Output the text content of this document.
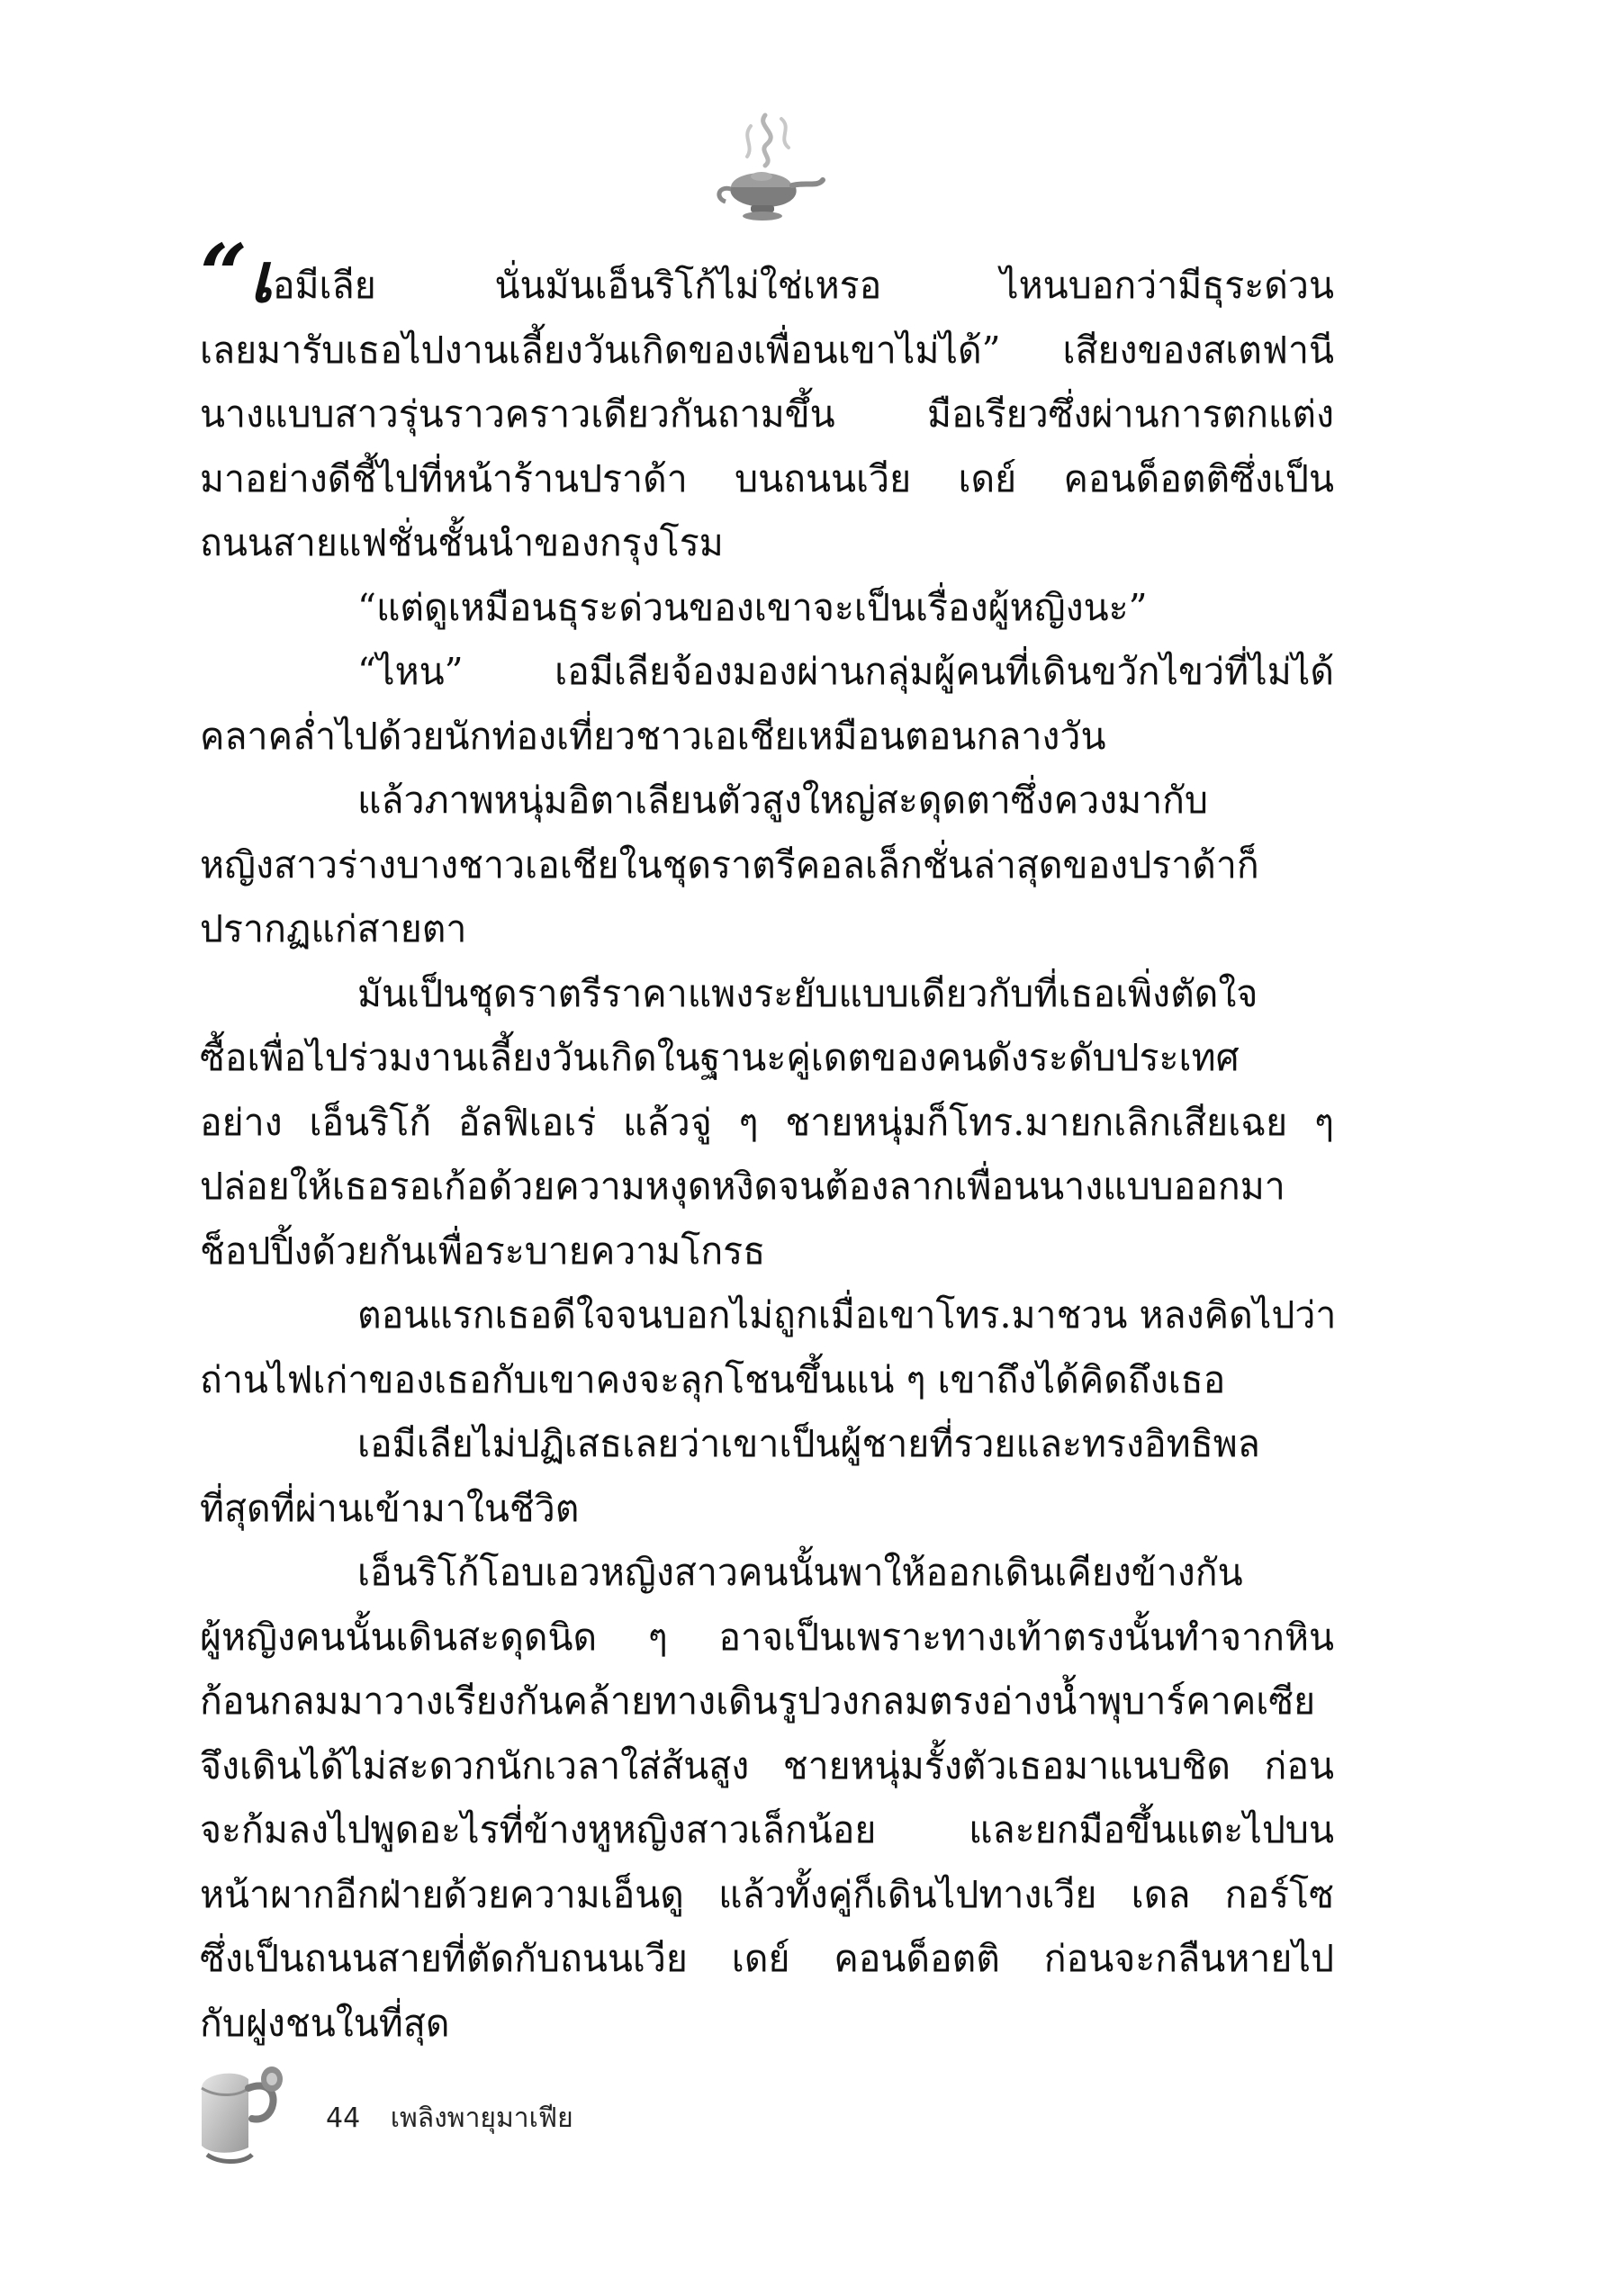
“เอมีเลีย นั่นมันเอ็นริโก้ไม่ใช่เหรอ ไหนบอกว่ามีธุระด่วน
เลยมารับเธอไปงานเลี้ยงวันเกิดของเพื่อนเขาไม่ได้” เสียงของสเตฟานี
นางแบบสาวรุ่นราวคราวเดียวกันถามขึ้น มือเรียวซึ่งผ่านการตกแต่ง
มาอย่างดีชี้ไปที่หน้าร้านปราด้า บนถนนเวีย เดย์ คอนด็อตติซึ่งเป็น
ถนนสายแฟชั่นชั้นนำของกรุงโรม
“แต่ดูเหมือนธุระด่วนของเขาจะเป็นเรื่องผู้หญิงนะ”
“ไหน” เอมีเลียจ้องมองผ่านกลุ่มผู้คนที่เดินขวักไขว่ที่ไม่ได้
คลาคล่ำไปด้วยนักท่องเที่ยวชาวเอเชียเหมือนตอนกลางวัน
แล้วภาพหนุ่มอิตาเลียนตัวสูงใหญ่สะดุดตาซึ่งควงมากับ
หญิงสาวร่างบางชาวเอเชียในชุดราตรีคอลเล็กชั่นล่าสุดของปราด้าก็
ปรากฏแก่สายตา
มันเป็นชุดราตรีราคาแพงระยับแบบเดียวกับที่เธอเพิ่งตัดใจ
ซื้อเพื่อไปร่วมงานเลี้ยงวันเกิดในฐานะคู่เดตของคนดังระดับประเทศ
อย่าง เอ็นริโก้ อัลฟิเอเร่ แล้วจู่ ๆ ชายหนุ่มก็โทร.มายกเลิกเสียเฉย ๆ
ปล่อยให้เธอรอเก้อด้วยความหงุดหงิดจนต้องลากเพื่อนนางแบบออกมา
ช็อปปิ้งด้วยกันเพื่อระบายความโกรธ
ตอนแรกเธอดีใจจนบอกไม่ถูกเมื่อเขาโทร.มาชวน หลงคิดไปว่า
ถ่านไฟเก่าของเธอกับเขาคงจะลุกโชนขึ้นแน่ ๆ เขาถึงได้คิดถึงเธอ
เอมีเลียไม่ปฏิเสธเลยว่าเขาเป็นผู้ชายที่รวยและทรงอิทธิพล
ที่สุดที่ผ่านเข้ามาในชีวิต
เอ็นริโก้โอบเอวหญิงสาวคนนั้นพาให้ออกเดินเคียงข้างกัน
ผู้หญิงคนนั้นเดินสะดุดนิด ๆ อาจเป็นเพราะทางเท้าตรงนั้นทำจากหิน
ก้อนกลมมาวางเรียงกันคล้ายทางเดินรูปวงกลมตรงอ่างน้ำพุบาร์คาคเซีย
จึงเดินได้ไม่สะดวกนักเวลาใส่ส้นสูง ชายหนุ่มรั้งตัวเธอมาแนบชิด ก่อน
จะก้มลงไปพูดอะไรที่ข้างหูหญิงสาวเล็กน้อย และยกมือขึ้นแตะไปบน
หน้าผากอีกฝ่ายด้วยความเอ็นดู แล้วทั้งคู่ก็เดินไปทางเวีย เดล กอร์โซ
ซึ่งเป็นถนนสายที่ตัดกับถนนเวีย เดย์ คอนด็อตติ ก่อนจะกลืนหายไป
กับฝูงชนในที่สุด
44 เพลิงพายุมาเฟีย
